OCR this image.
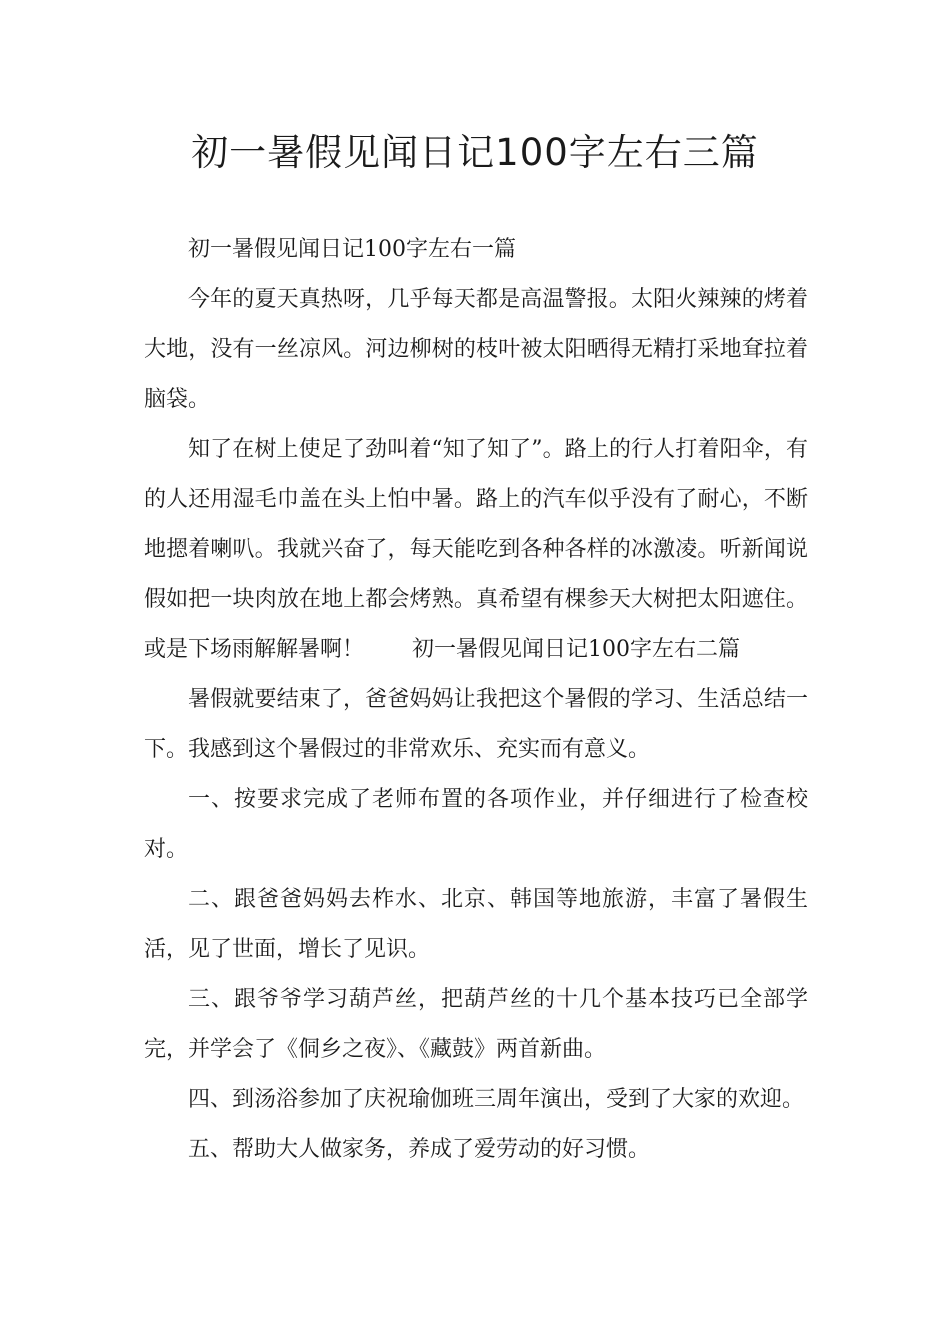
初一暑假见闻日记100字左右三篇

初一暑假见闻日记100字左右一篇

今年的夏天真热呀，几乎每天都是高温警报。太阳火辣辣的烤着大地，没有一丝凉风。河边柳树的枝叶被太阳晒得无精打采地耷拉着脑袋。

知了在树上使足了劲叫着“知了知了”。路上的行人打着阳伞，有的人还用湿毛巾盖在头上怕中暑。路上的汽车似乎没有了耐心，不断地摁着喇叭。我就兴奋了，每天能吃到各种各样的冰激凌。听新闻说假如把一块肉放在地上都会烤熟。真希望有棵参天大树把太阳遮住。或是下场雨解解暑啊！ 初一暑假见闻日记100字左右二篇

暑假就要结束了，爸爸妈妈让我把这个暑假的学习、生活总结一下。我感到这个暑假过的非常欢乐、充实而有意义。

一、按要求完成了老师布置的各项作业，并仔细进行了检查校对。

二、跟爸爸妈妈去柞水、北京、韩国等地旅游，丰富了暑假生活，见了世面，增长了见识。

三、跟爷爷学习葫芦丝，把葫芦丝的十几个基本技巧已全部学完，并学会了《侗乡之夜》、《藏鼓》两首新曲。

四、到汤浴参加了庆祝瑜伽班三周年演出，受到了大家的欢迎。

五、帮助大人做家务，养成了爱劳动的好习惯。
